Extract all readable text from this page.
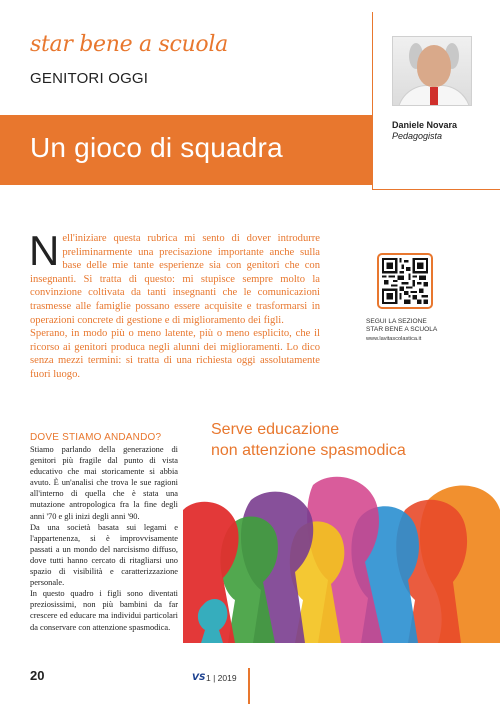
star bene a scuola
GENITORI OGGI
Daniele Novara
Pedagogista
Un gioco di squadra

Nell'iniziare questa rubrica mi sento di dover introdurre preliminarmente una precisazione importante anche sulla base delle mie tante esperienze sia con genitori che con insegnanti. Si tratta di questo: mi stupisce sempre molto la convinzione coltivata da tanti insegnanti che le comunicazioni trasmesse alle famiglie possano essere acquisite e trasformarsi in operazioni concrete di gestione e di miglioramento dei figli.

Sperano, in modo più o meno latente, più o meno esplicito, che il ricorso ai genitori produca negli alunni dei miglioramenti. Lo dico senza mezzi termini: si tratta di una richiesta oggi assolutamente fuori luogo.

SEGUI LA SEZIONE
STAR BENE A SCUOLA
www.lavitascolastica.it
DOVE STIAMO ANDANDO?

Stiamo parlando della generazione di genitori più fragile dal punto di vista educativo che mai storicamente si abbia avuto. È un'analisi che trova le sue ragioni all'interno di quella che è stata una mutazione antropologica fra la fine degli anni '70 e gli inizi degli anni '90.

Da una società basata sui legami e l'appartenenza, si è improvvisamente passati a un mondo del narcisismo diffuso, dove tutti hanno cercato di ritagliarsi uno spazio di visibilità e caratterizzazione personale.

In questo quadro i figli sono diventati preziosissimi, non più bambini da far crescere ed educare ma individui particolari da conservare con attenzione spasmodica.

Serve educazione
non attenzione spasmodica
20	VS 1 | 2019
